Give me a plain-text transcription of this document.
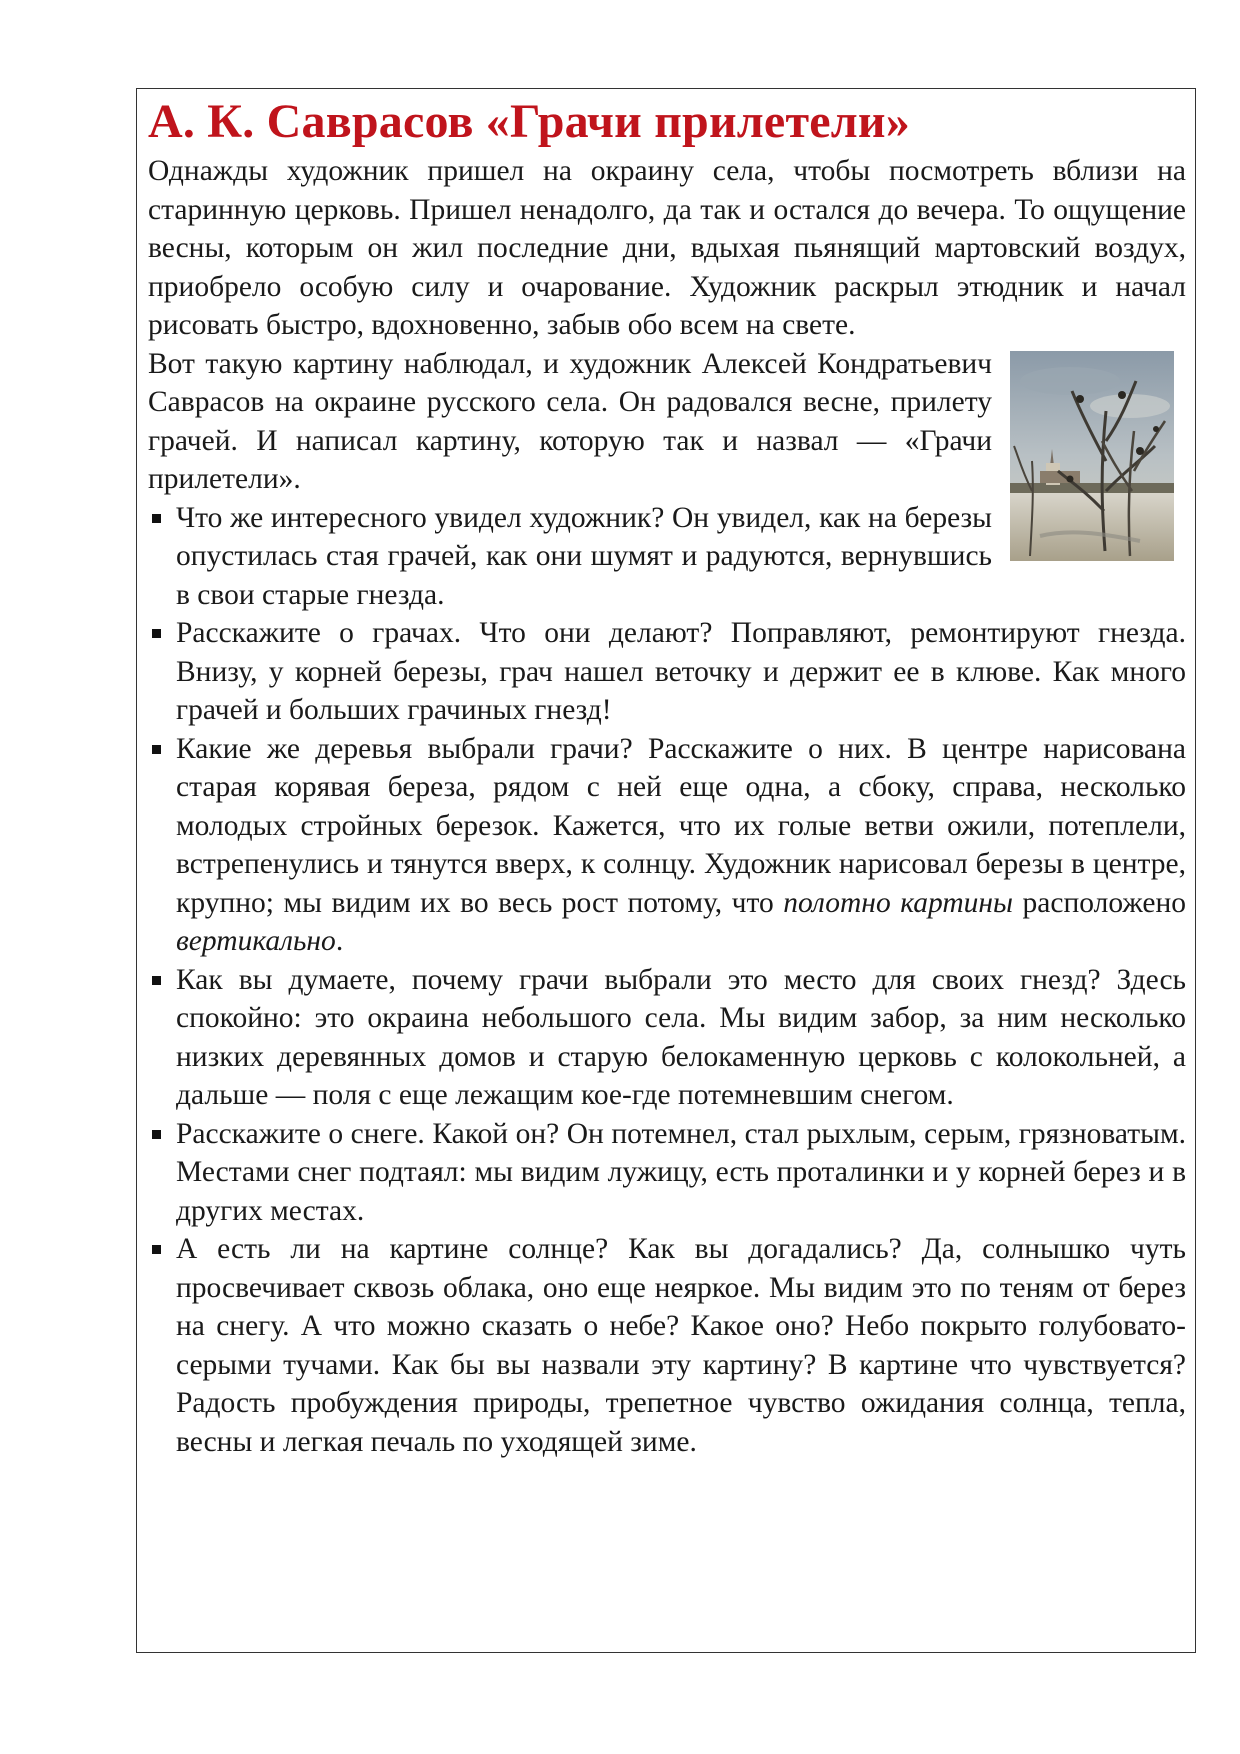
А. К. Саврасов «Грачи прилетели»

Однажды художник пришел на окраину села, чтобы посмотреть вблизи на старинную церковь. Пришел ненадолго, да так и остался до вечера. То ощущение весны, которым он жил последние дни, вдыхая пьянящий мартовский воздух, приобрело особую силу и очарование. Художник раскрыл этюдник и начал рисовать быстро, вдохновенно, забыв обо всем на свете.

Вот такую картину наблюдал, и художник Алексей Кондратьевич Саврасов на окраине русского села. Он радовался весне, прилету грачей. И написал картину, которую так и назвал — «Грачи прилетели».

Что же интересного увидел художник? Он увидел, как на березы опустилась стая грачей, как они шумят и радуются, вернувшись в свои старые гнезда.
Расскажите о грачах. Что они делают? Поправляют, ремонтируют гнезда. Внизу, у корней березы, грач нашел веточку и держит ее в клюве. Как много грачей и больших грачиных гнезд!
Какие же деревья выбрали грачи? Расскажите о них. В центре нарисована старая корявая береза, рядом с ней еще одна, а сбоку, справа, несколько молодых стройных березок. Кажется, что их голые ветви ожили, потеплели, встрепенулись и тянутся вверх, к солнцу. Художник нарисовал березы в центре, крупно; мы видим их во весь рост потому, что полотно картины расположено вертикально.
Как вы думаете, почему грачи выбрали это место для своих гнезд? Здесь спокойно: это окраина небольшого села. Мы видим забор, за ним несколько низких деревянных домов и старую белокаменную церковь с колокольней, а дальше — поля с еще лежащим кое-где потемневшим снегом.
Расскажите о снеге. Какой он? Он потемнел, стал рыхлым, серым, грязноватым. Местами снег подтаял: мы видим лужицу, есть проталинки и у корней берез и в других местах.
А есть ли на картине солнце? Как вы догадались? Да, солнышко чуть просвечивает сквозь облака, оно еще неяркое. Мы видим это по теням от берез на снегу. А что можно сказать о небе? Какое оно? Небо покрыто голубовато-серыми тучами. Как бы вы назвали эту картину? В картине что чувствуется? Радость пробуждения природы, трепетное чувство ожидания солнца, тепла, весны и легкая печаль по уходящей зиме.
